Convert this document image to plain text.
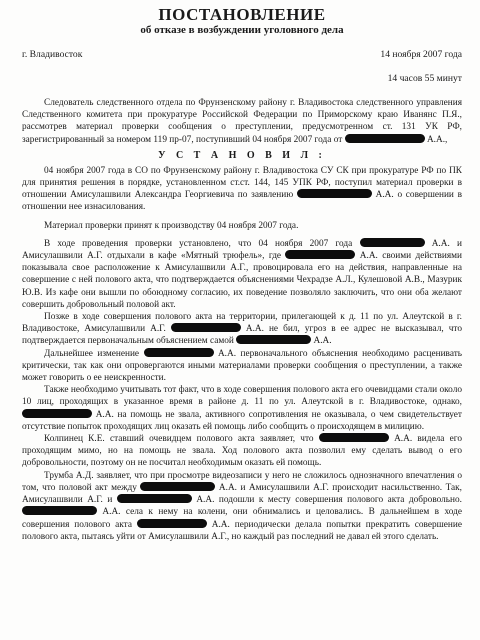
ПОСТАНОВЛЕНИЕ
об отказе в возбуждении уголовного дела
г. Владивосток	14 ноября 2007 года
14 часов 55 минут

Следователь следственного отдела по Фрунзенскому району г. Владивостока следственного управления Следственного комитета при прокуратуре Российской Федерации по Приморскому краю Иванянс П.Я., рассмотрев материал проверки сообщения о преступлении, предусмотренном ст. 131 УК РФ, зарегистрированный за номером 119 пр-07, поступивший 04 ноября 2007 года от	А.А.,

У С Т А Н О В И Л :

04 ноября 2007 года в СО по Фрунзенскому району г. Владивостока СУ СК при прокуратуре РФ по ПК для принятия решения в порядке, установленном ст.ст. 144, 145 УПК РФ, поступил материал проверки в отношении Амисулашвили Александра Георгиевича по заявлению	А.А. о совершении в отношении нее изнасилования.

Материал проверки принят к производству 04 ноября 2007 года.

В ходе проведения проверки установлено, что 04 ноября 2007 года	А.А. и Амисулашвили А.Г. отдыхали в кафе «Мятный трюфель», где	А.А. своими действиями показывала свое расположение к Амисулашвили А.Г., провоцировала его на действия, направленные на совершение с ней полового акта, что подтверждается объяснениями Чехрадзе А.Л., Кулешовой А.В., Мазурик Ю.В. Из кафе они вышли по обоюдному согласию, их поведение позволяло заключить, что они оба желают совершить добровольный половой акт.

Позже в ходе совершения полового акта на территории, прилегающей к д. 11 по ул. Алеутской в г. Владивостоке, Амисулашвили А.Г.	А.А. не бил, угроз в ее адрес не высказывал, что подтверждается первоначальным объяснением самой	А.А.

Дальнейшее изменение	А.А. первоначального объяснения необходимо расценивать критически, так как они опровергаются иными материалами проверки сообщения о преступлении, а также может говорить о ее неискренности.

Также необходимо учитывать тот факт, что в ходе совершения полового акта его очевидцами стали около 10 лиц, проходящих в указанное время в районе д. 11 по ул. Алеутской в г. Владивостоке, однако,  А.А. на помощь не звала, активного сопротивления не оказывала, о чем свидетельствует отсутствие попыток проходящих лиц оказать ей помощь либо сообщить о происходящем в милицию.

Колпинец К.Е. ставший очевидцем полового акта заявляет, что	А.А. видела его проходящим мимо, но на помощь не звала. Ход полового акта позволил ему сделать вывод о его добровольности, поэтому он не посчитал необходимым оказать ей помощь.

Трумба А.Д. заявляет, что при просмотре видеозаписи у него не сложилось однозначного впечатления о том, что половой акт между	А.А. и Амисулашвили А.Г. происходит насильственно. Так, Амисулашвили А.Г. и	А.А. подошли к месту совершения полового акта добровольно.  А.А. села к нему на колени, они обнимались и целовались. В дальнейшем в ходе совершения полового акта	А.А. периодически делала попытки прекратить совершение полового акта, пытаясь уйти от Амисулашвили А.Г., но каждый раз последний не давал ей этого сделать.
